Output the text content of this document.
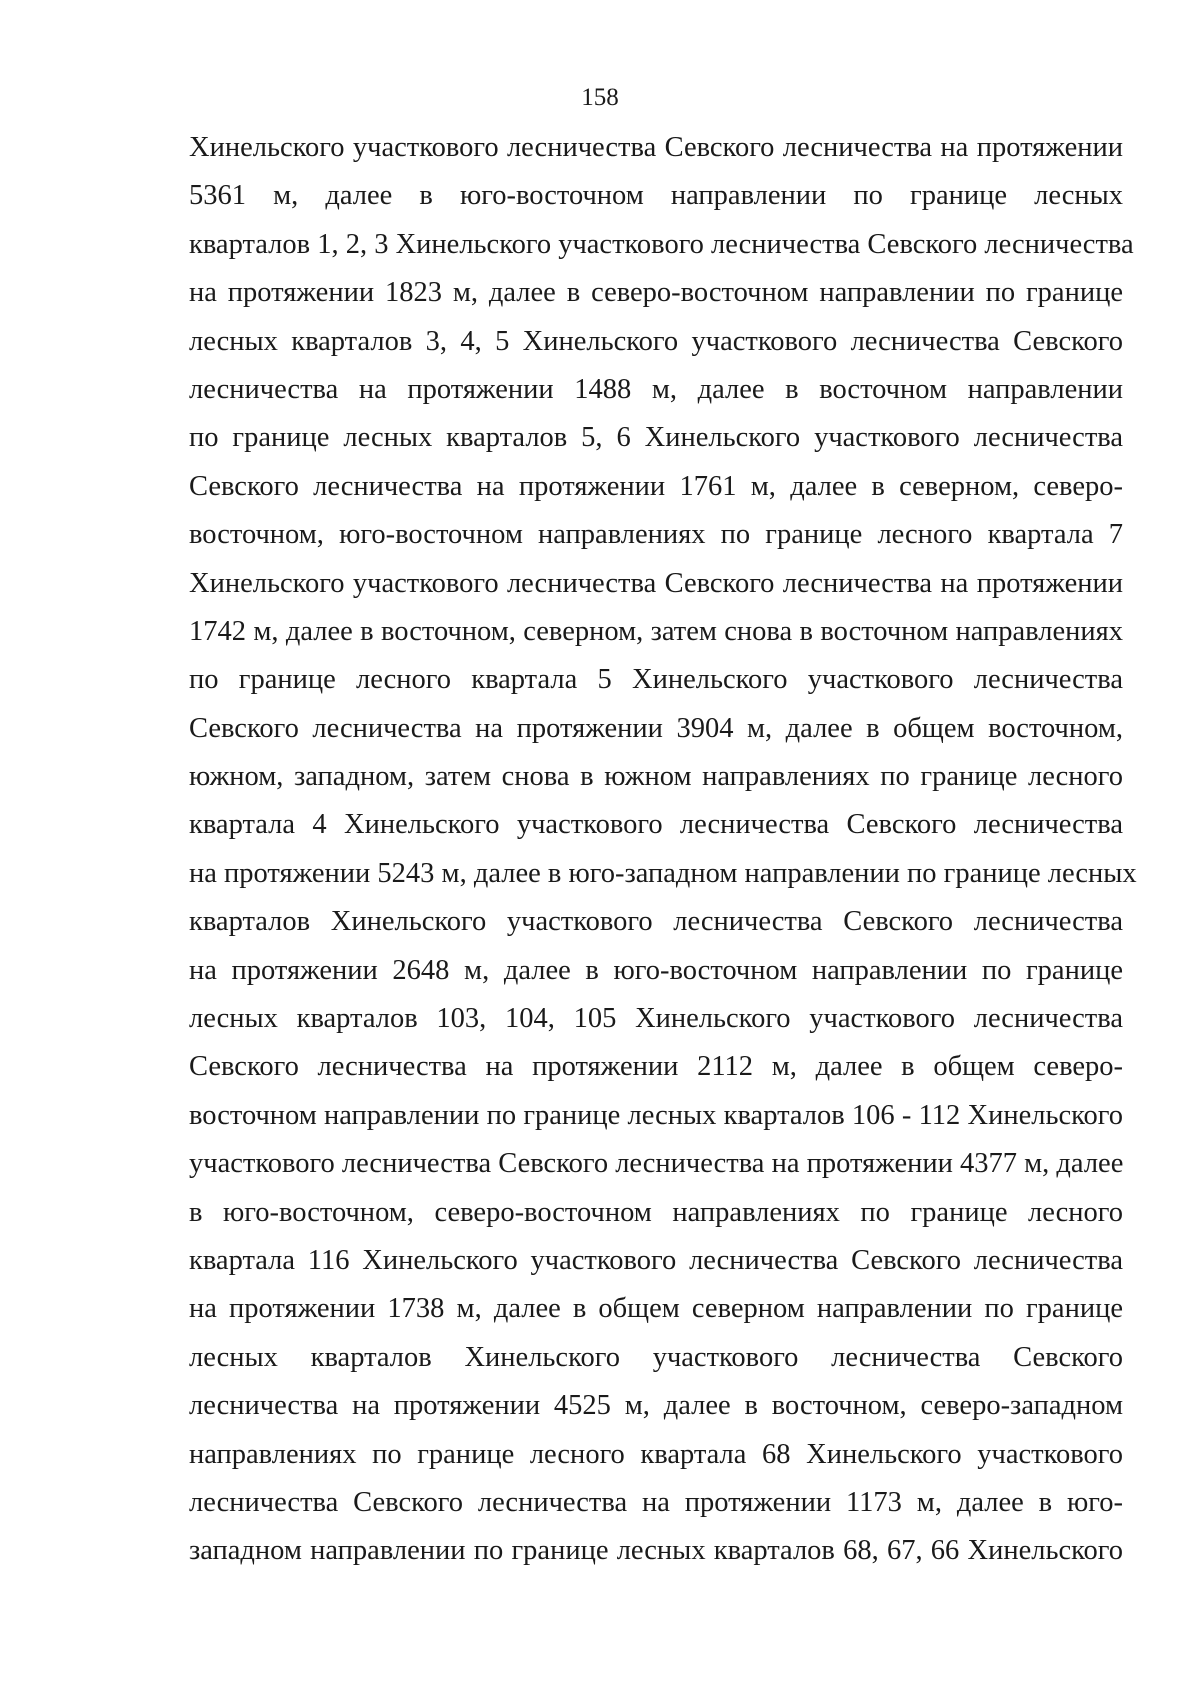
158
Хинельского участкового лесничества Севского лесничества на протяжении
5361 м, далее в юго-восточном направлении по границе лесных
кварталов 1, 2, 3 Хинельского участкового лесничества Севского лесничества
на протяжении 1823 м, далее в северо-восточном направлении по границе
лесных кварталов 3, 4, 5 Хинельского участкового лесничества Севского
лесничества на протяжении 1488 м, далее в восточном направлении
по границе лесных кварталов 5, 6 Хинельского участкового лесничества
Севского лесничества на протяжении 1761 м, далее в северном, северо-
восточном, юго-восточном направлениях по границе лесного квартала 7
Хинельского участкового лесничества Севского лесничества на протяжении
1742 м, далее в восточном, северном, затем снова в восточном направлениях
по границе лесного квартала 5 Хинельского участкового лесничества
Севского лесничества на протяжении 3904 м, далее в общем восточном,
южном, западном, затем снова в южном направлениях по границе лесного
квартала 4 Хинельского участкового лесничества Севского лесничества
на протяжении 5243 м, далее в юго-западном направлении по границе лесных
кварталов Хинельского участкового лесничества Севского лесничества
на протяжении 2648 м, далее в юго-восточном направлении по границе
лесных кварталов 103, 104, 105 Хинельского участкового лесничества
Севского лесничества на протяжении 2112 м, далее в общем северо-
восточном направлении по границе лесных кварталов 106 - 112 Хинельского
участкового лесничества Севского лесничества на протяжении 4377 м, далее
в юго-восточном, северо-восточном направлениях по границе лесного
квартала 116 Хинельского участкового лесничества Севского лесничества
на протяжении 1738 м, далее в общем северном направлении по границе
лесных кварталов Хинельского участкового лесничества Севского
лесничества на протяжении 4525 м, далее в восточном, северо-западном
направлениях по границе лесного квартала 68 Хинельского участкового
лесничества Севского лесничества на протяжении 1173 м, далее в юго-
западном направлении по границе лесных кварталов 68, 67, 66 Хинельского
